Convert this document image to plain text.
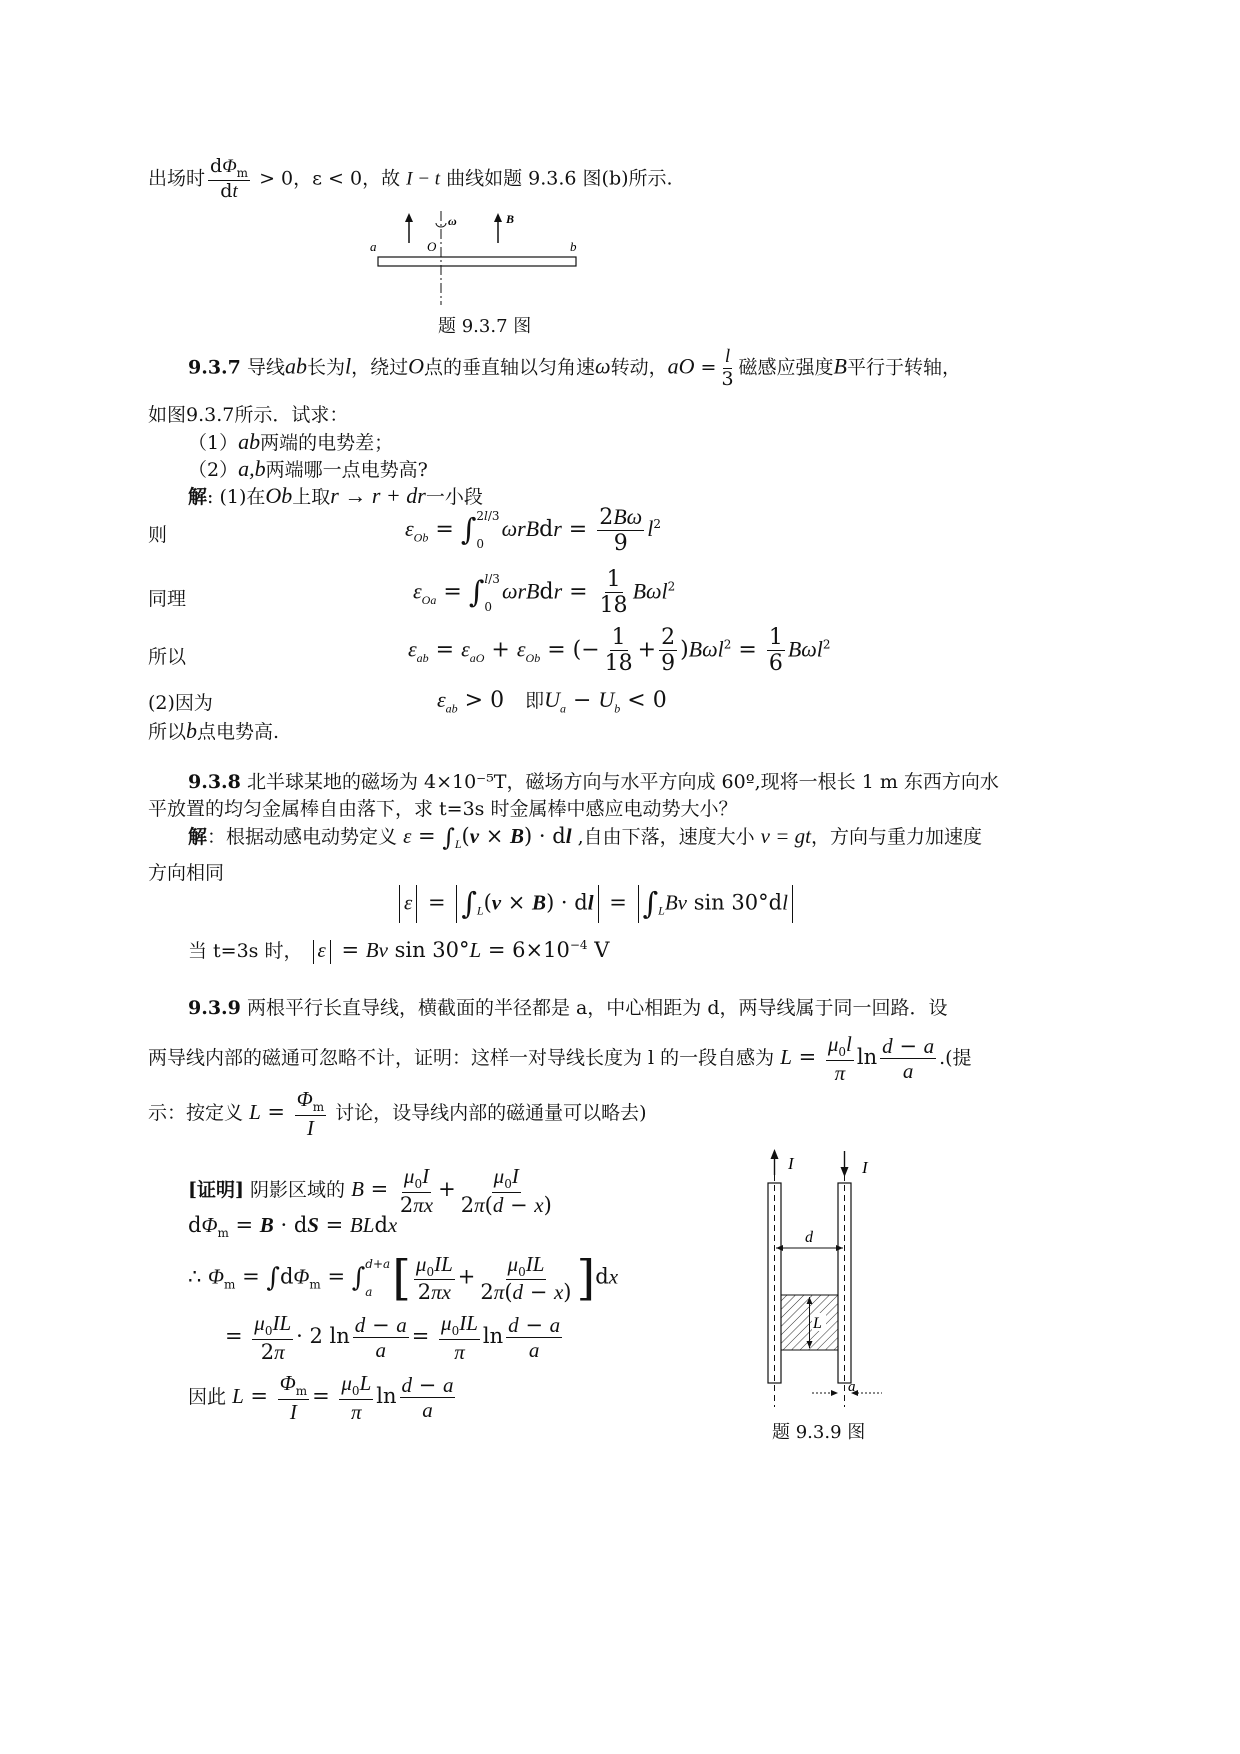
出场时 $\frac{d\Phi_m}{dt} > 0$，ε < 0，故 I − t 曲线如题 9.3.6 图(b)所示.
B
ω
a	O	b
题 9.3.7 图
9.3.7 导线ab长为l，绕过O点的垂直轴以匀角速ω转动，aO = $\frac{l}{3}$ 磁感应强度B平行于转轴，
如图9.3.7所示．试求：
（1）ab两端的电势差；
（2）a,b两端哪一点电势高?
解: (1)在Ob上取r → r + dr一小段
则	$\varepsilon_{Ob}$ = ∫ 2l/3
0
ωrBdr = $\frac{2B\omega}{9} l^2$
同理	$\varepsilon_{Oa}$ = ∫ l/3
0
ωrBdr = $\frac{1}{18} B\omega l^2$
所以	$\varepsilon_{ab} = \varepsilon_{aO} + \varepsilon_{Ob}$ = (− $\frac{1}{18} + \frac{2}{9} )B\omega l^2 = \frac{1}{6} B\omega l^2$
(2)因为	$\varepsilon_{ab} > 0$   即$U_a - U_b < 0$
所以b点电势高.
9.3.8 北半球某地的磁场为 4×10⁻⁵T，磁场方向与水平方向成 60º,现将一根长 1 m 东西方向水
平放置的均匀金属棒自由落下，求 t=3s 时金属棒中感应电动势大小？
解：根据动感电动势定义 $\varepsilon = \int_L(v \times B)$ · dl ,自由下落，速度大小 v = gt，方向与重力加速度
方向相同
$\varepsilon = \int_L(v \times B)$ · dl = $\int_LBv$ sin 30°dl
当 t=3s 时， ε = Bv $\sin 30^\circ L = 6\times 10^{-4}$ V
9.3.9 两根平行长直导线，横截面的半径都是 a，中心相距为 d，两导线属于同一回路．设
两导线内部的磁通可忽略不计，证明：这样一对导线长度为 l 的一段自感为 $L = \frac{\mu_0l}{\pi}$ $\ln \frac{d - a}{a}$ .(提
示：按定义 $L = \frac{\Phi_m}{I}$ 讨论，设导线内部的磁通量可以略去)
[证明] 阴影区域的 $B = \frac{\mu_0I}{2\pi x} + \frac{\mu_0I}{2\pi(d - x)}$
$d\Phi_m = B$ · dS = BLdx
∴ $\Phi_m = \int d\Phi_m$ = ∫ d+a
a [ $\frac{\mu_0IL}{2\pi x} + \frac{\mu_0IL}{2\pi(d - x)} ]dx$
= $\frac{\mu_0IL}{2\pi} \cdot 2$ $\ln \frac{d - a}{a} = \frac{\mu_0IL}{\pi}$ $\ln \frac{d - a}{a}$
因此 $L = \frac{\Phi_m}{I} = \frac{\mu_0L}{\pi}$ $\ln \frac{d - a}{a}$
I	I
d
L
a
题 9.3.9 图
